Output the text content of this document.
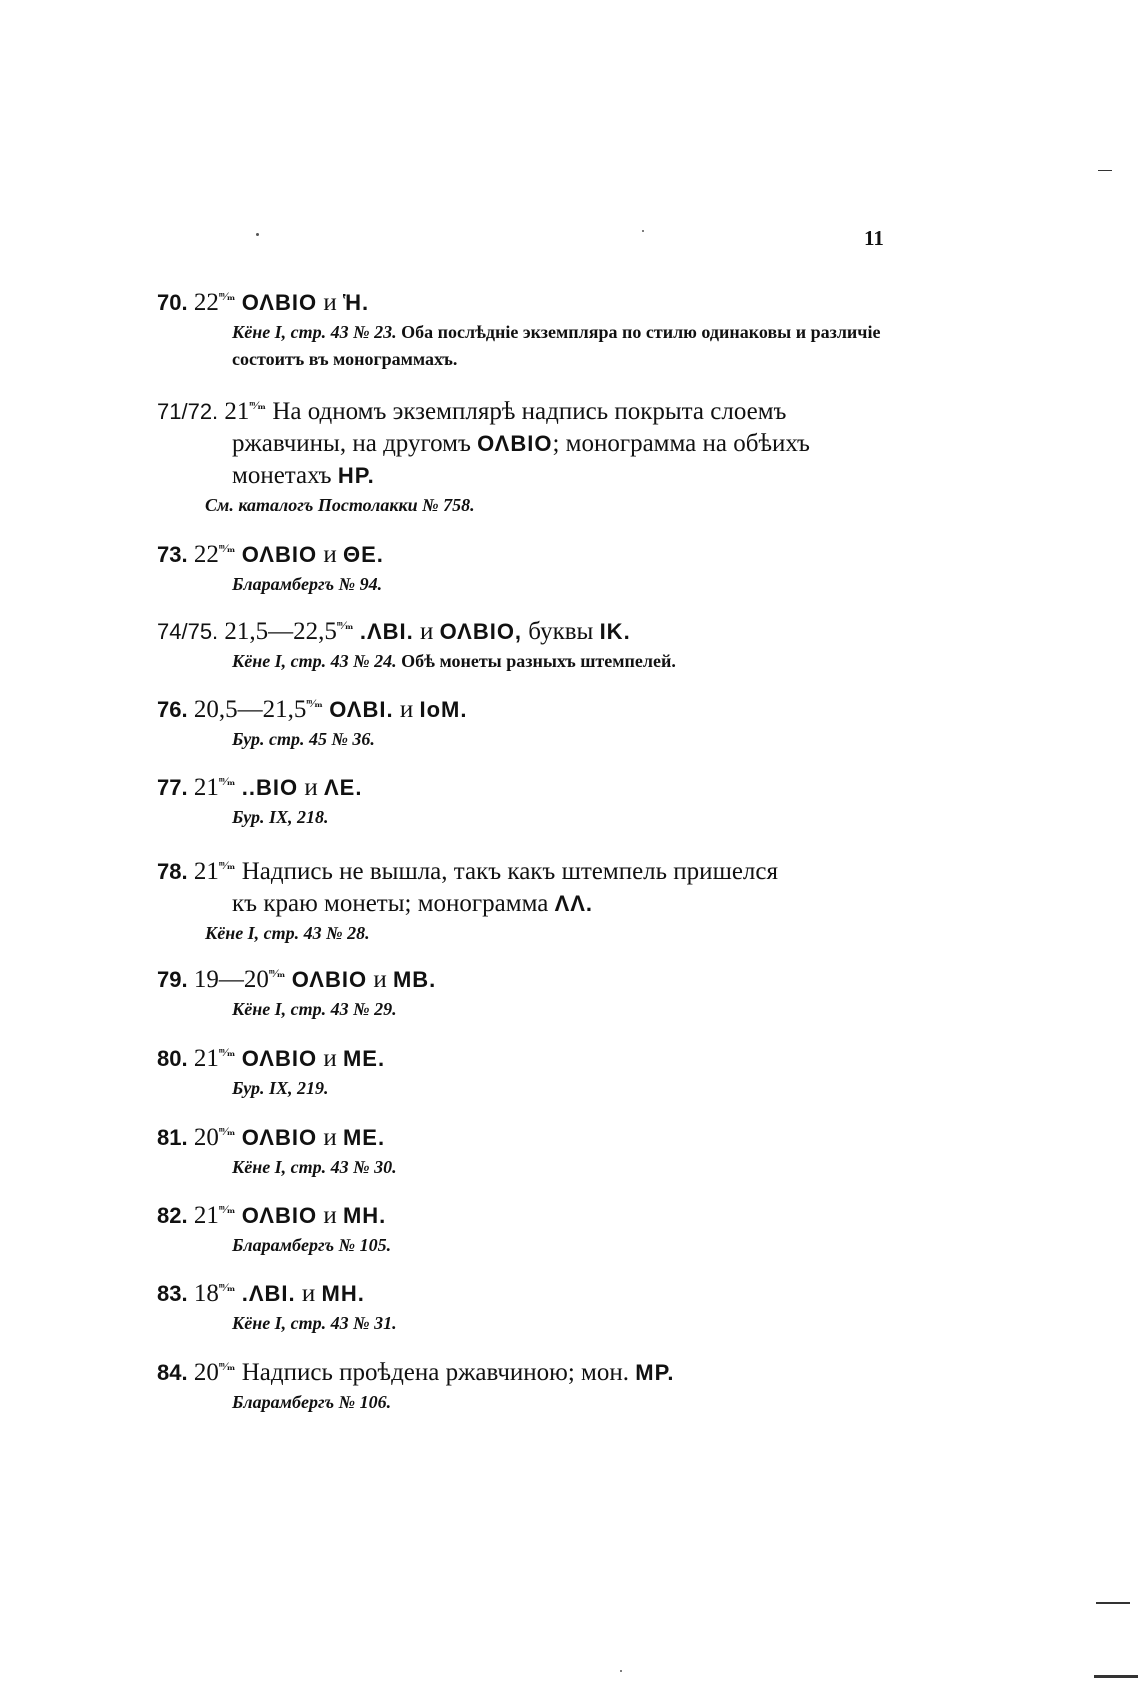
11
70. $22^{ᵐ⁄_m}$ ΟΛΒΙΟ и Ἡ.
Кёне I, стр. 43 № 23. Оба послѣдніе экземпляра по стилю одинаковы и различіе состоитъ въ монограммахъ.
71/72. $21^{ᵐ⁄_m}$ На одномъ экземплярѣ надпись покрыта слоемъ
ржавчины, на другомъ ΟΛΒΙΟ; монограмма на обѣихъ
монетахъ ΗΡ.
См. каталогъ Постолакки № 758.
73. $22^{ᵐ⁄_m}$ ΟΛΒΙΟ и ΘΕ.
Бларамбергъ № 94.
74/75. $21,5—22,5^{ᵐ⁄_m}$ .ΛΒΙ. и ΟΛΒΙΟ, буквы ΙΚ.
Кёне I, стр. 43 № 24. Обѣ монеты разныхъ штемпелей.
76. $20,5—21,5^{ᵐ⁄_m}$ ΟΛΒΙ. и ΙοΜ.
Бур. стр. 45 № 36.
77. $21^{ᵐ⁄_m}$ ..ΒΙΟ и ΛΕ.
Бур. IX, 218.
78. $21^{ᵐ⁄_m}$ Надпись не вышла, такъ какъ штемпель пришелся
къ краю монеты; монограмма ΛΛ.
Кёне I, стр. 43 № 28.
79. $19—20^{ᵐ⁄_m}$ ΟΛΒΙΟ и ΜΒ.
Кёне I, стр. 43 № 29.
80. $21^{ᵐ⁄_m}$ ΟΛΒΙΟ и ΜΕ.
Бур. IX, 219.
81. $20^{ᵐ⁄_m}$ ΟΛΒΙΟ и ΜΕ.
Кёне I, стр. 43 № 30.
82. $21^{ᵐ⁄_m}$ ΟΛΒΙΟ и ΜΗ.
Бларамбергъ № 105.
83. $18^{ᵐ⁄_m}$ .ΛΒΙ. и ΜΗ.
Кёне I, стр. 43 № 31.
84. $20^{ᵐ⁄_m}$ Надпись проѣдена ржавчиною; мон. ΜΡ.
Бларамбергъ № 106.
